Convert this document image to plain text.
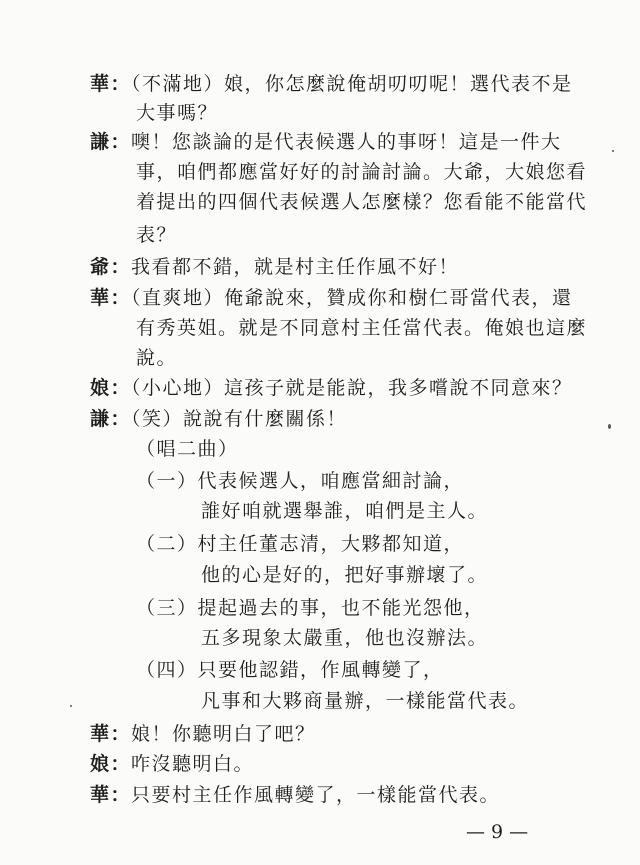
華：（不滿地）娘，你怎麼說俺胡叨叨呢！選代表不是
大事嗎？
謙：噢！您談論的是代表候選人的事呀！這是一件大
事，咱們都應當好好的討論討論。大爺，大娘您看
着提出的四個代表候選人怎麼樣？您看能不能當代
表？
爺：我看都不錯，就是村主任作風不好！
華：（直爽地）俺爺說來，贊成你和樹仁哥當代表，還
有秀英姐。就是不同意村主任當代表。俺娘也這麼
說。
娘：（小心地）這孩子就是能說，我多嚐說不同意來？
謙：（笑）說說有什麼關係！
（唱二曲）
（一）代表候選人，咱應當細討論，
誰好咱就選舉誰，咱們是主人。
（二）村主任董志清，大夥都知道，
他的心是好的，把好事辦壞了。
（三）提起過去的事，也不能光怨他，
五多現象太嚴重，他也沒辦法。
（四）只要他認錯，作風轉變了，
凡事和大夥商量辦，一樣能當代表。
華：娘！你聽明白了吧？
娘：咋沒聽明白。
華：只要村主任作風轉變了，一樣能當代表。
— 9 —
